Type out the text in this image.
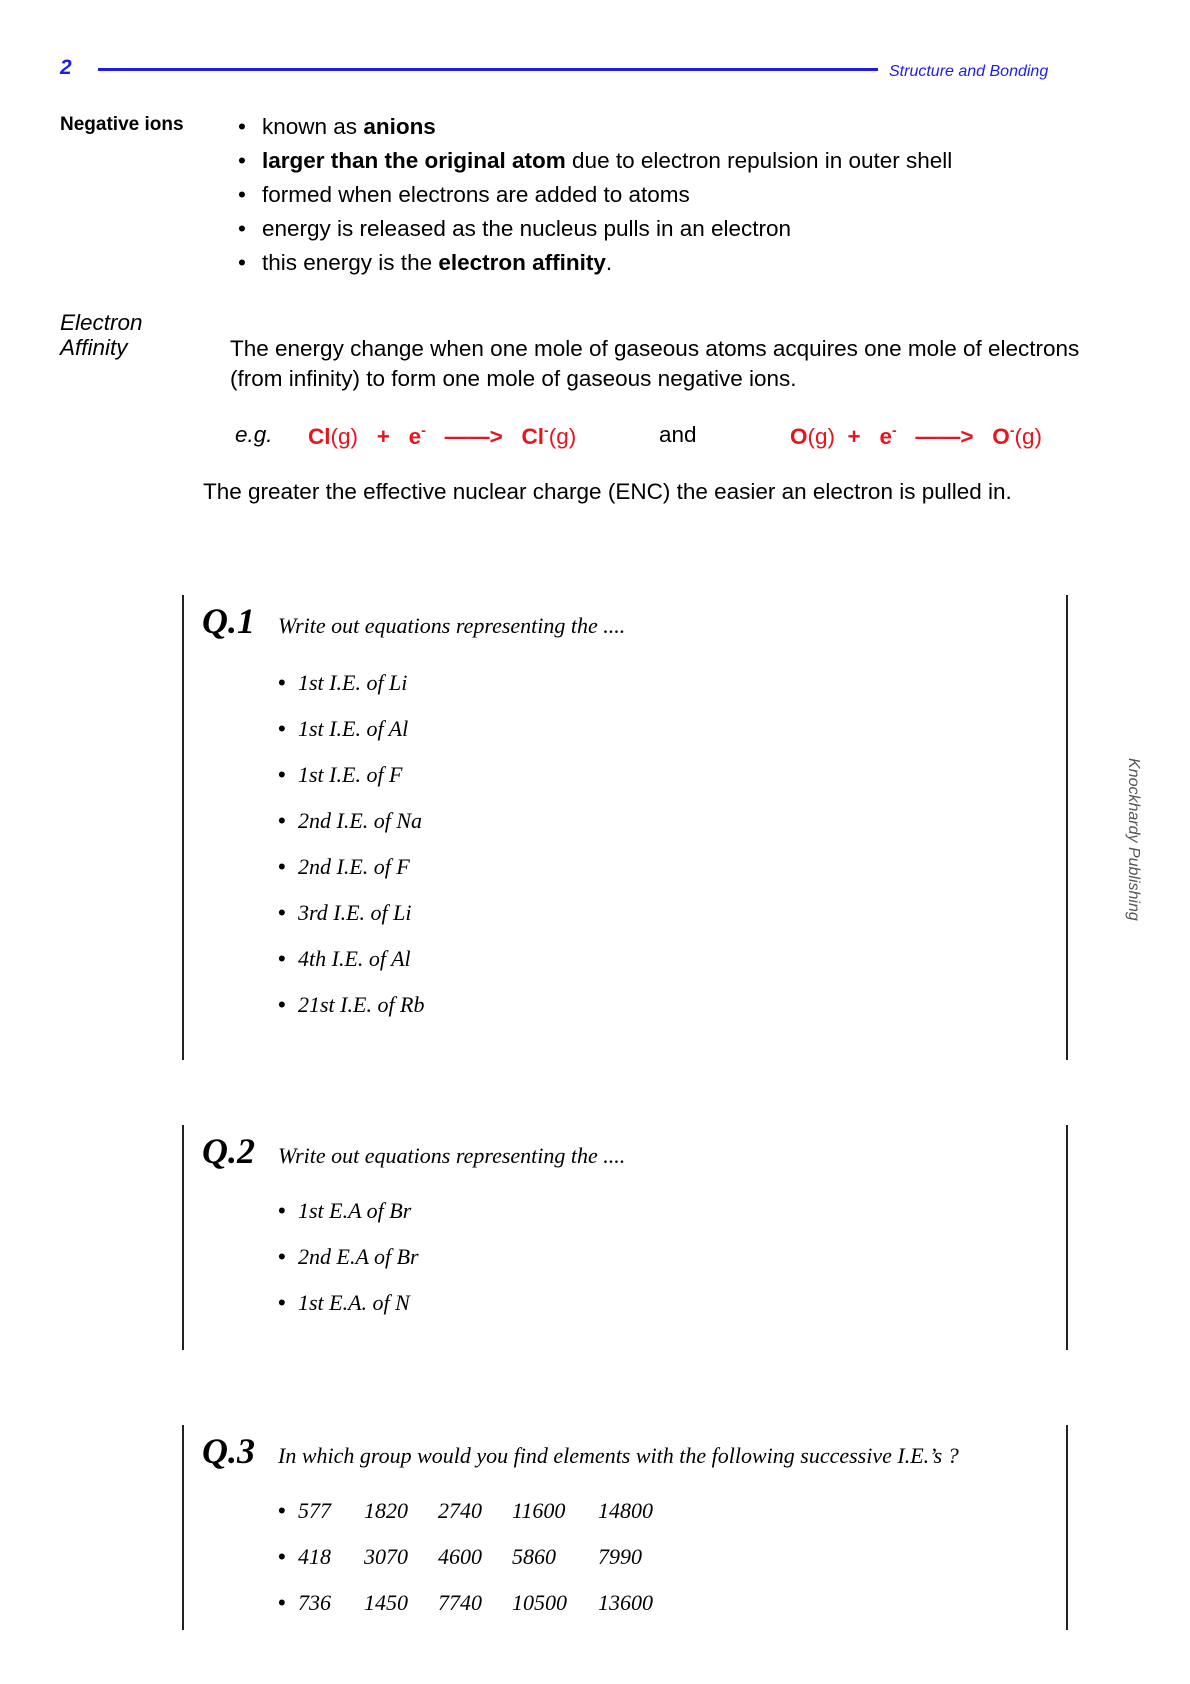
2	Structure and Bonding
Negative ions • known as anions
• larger than the original atom due to electron repulsion in outer shell
• formed when electrons are added to atoms
• energy is released as the nucleus pulls in an electron
• this energy is the electron affinity.
Electron
Affinity	The energy change when one mole of gaseous atoms acquires one mole of electrons (from infinity) to form one mole of gaseous negative ions.
e.g. Cl(g) + e- ——> Cl-(g)	and	O(g) + e- ——> O-(g)
The greater the effective nuclear charge (ENC) the easier an electron is pulled in.
Q.1 Write out equations representing the ....
• 1st I.E. of Li
• 1st I.E. of Al
• 1st I.E. of F
• 2nd I.E. of Na
• 2nd I.E. of F
• 3rd I.E. of Li
• 4th I.E. of Al
• 21st I.E. of Rb
Q.2 Write out equations representing the ....
• 1st E.A of Br
• 2nd E.A of Br
• 1st E.A. of N
Q.3 In which group would you find elements with the following successive I.E.’s ?
• 577 1820 2740 11600 14800
• 418 3070 4600 5860 7990
• 736 1450 7740 10500 13600
Knockhardy Publishing
